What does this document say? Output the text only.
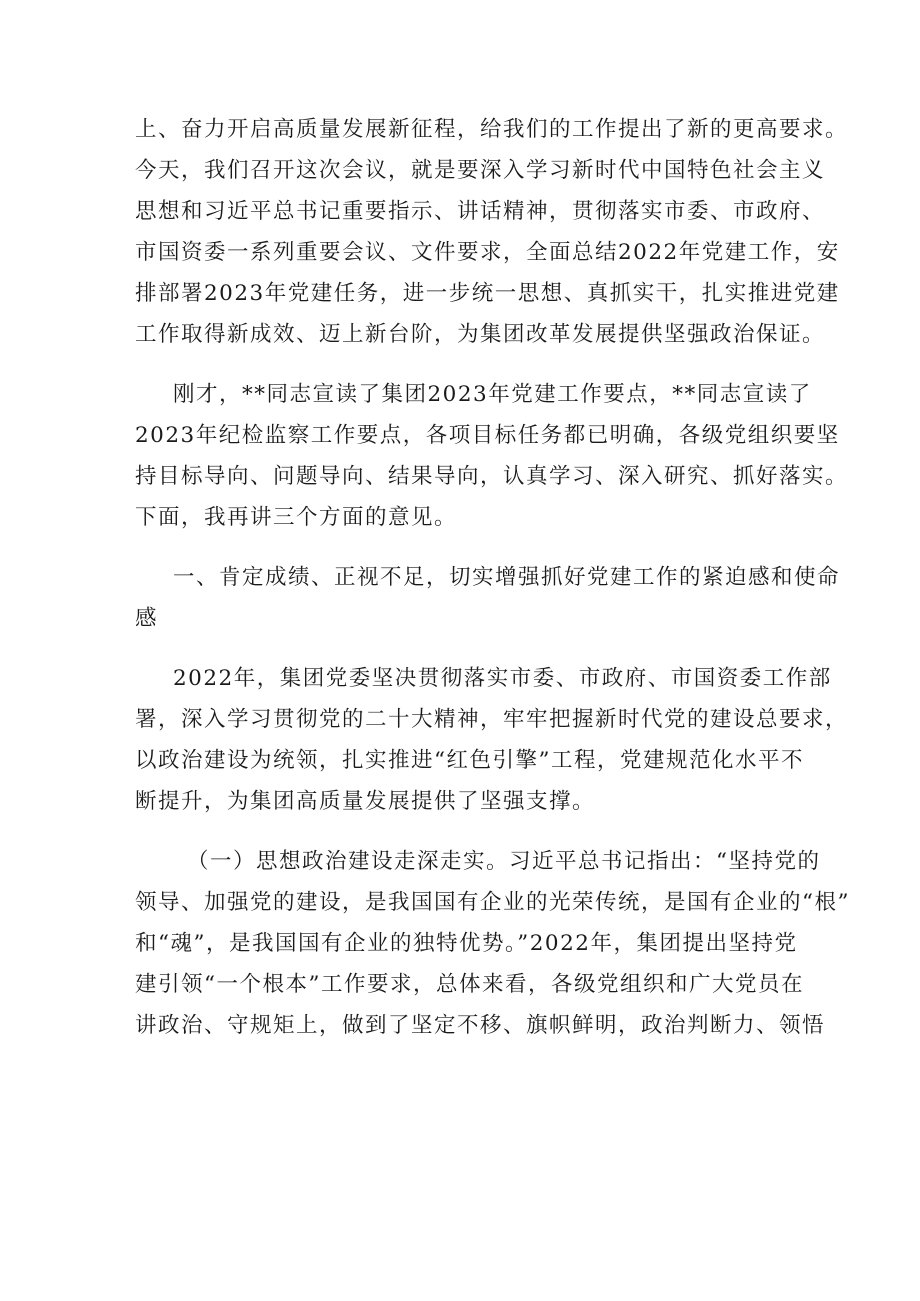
上、奋力开启高质量发展新征程，给我们的工作提出了新的更高要求。
今天，我们召开这次会议，就是要深入学习新时代中国特色社会主义
思想和习近平总书记重要指示、讲话精神，贯彻落实市委、市政府、
市国资委一系列重要会议、文件要求，全面总结2022年党建工作，安
排部署2023年党建任务，进一步统一思想、真抓实干，扎实推进党建
工作取得新成效、迈上新台阶，为集团改革发展提供坚强政治保证。
刚才，**同志宣读了集团2023年党建工作要点，**同志宣读了
2023年纪检监察工作要点，各项目标任务都已明确，各级党组织要坚
持目标导向、问题导向、结果导向，认真学习、深入研究、抓好落实。
下面，我再讲三个方面的意见。
一、肯定成绩、正视不足，切实增强抓好党建工作的紧迫感和使命
感
2022年，集团党委坚决贯彻落实市委、市政府、市国资委工作部
署，深入学习贯彻党的二十大精神，牢牢把握新时代党的建设总要求，
以政治建设为统领，扎实推进“红色引擎”工程，党建规范化水平不
断提升，为集团高质量发展提供了坚强支撑。
（一）思想政治建设走深走实。习近平总书记指出：“坚持党的
领导、加强党的建设，是我国国有企业的光荣传统，是国有企业的“根”
和“魂”，是我国国有企业的独特优势。”2022年，集团提出坚持党
建引领“一个根本”工作要求，总体来看，各级党组织和广大党员在
讲政治、守规矩上，做到了坚定不移、旗帜鲜明，政治判断力、领悟
